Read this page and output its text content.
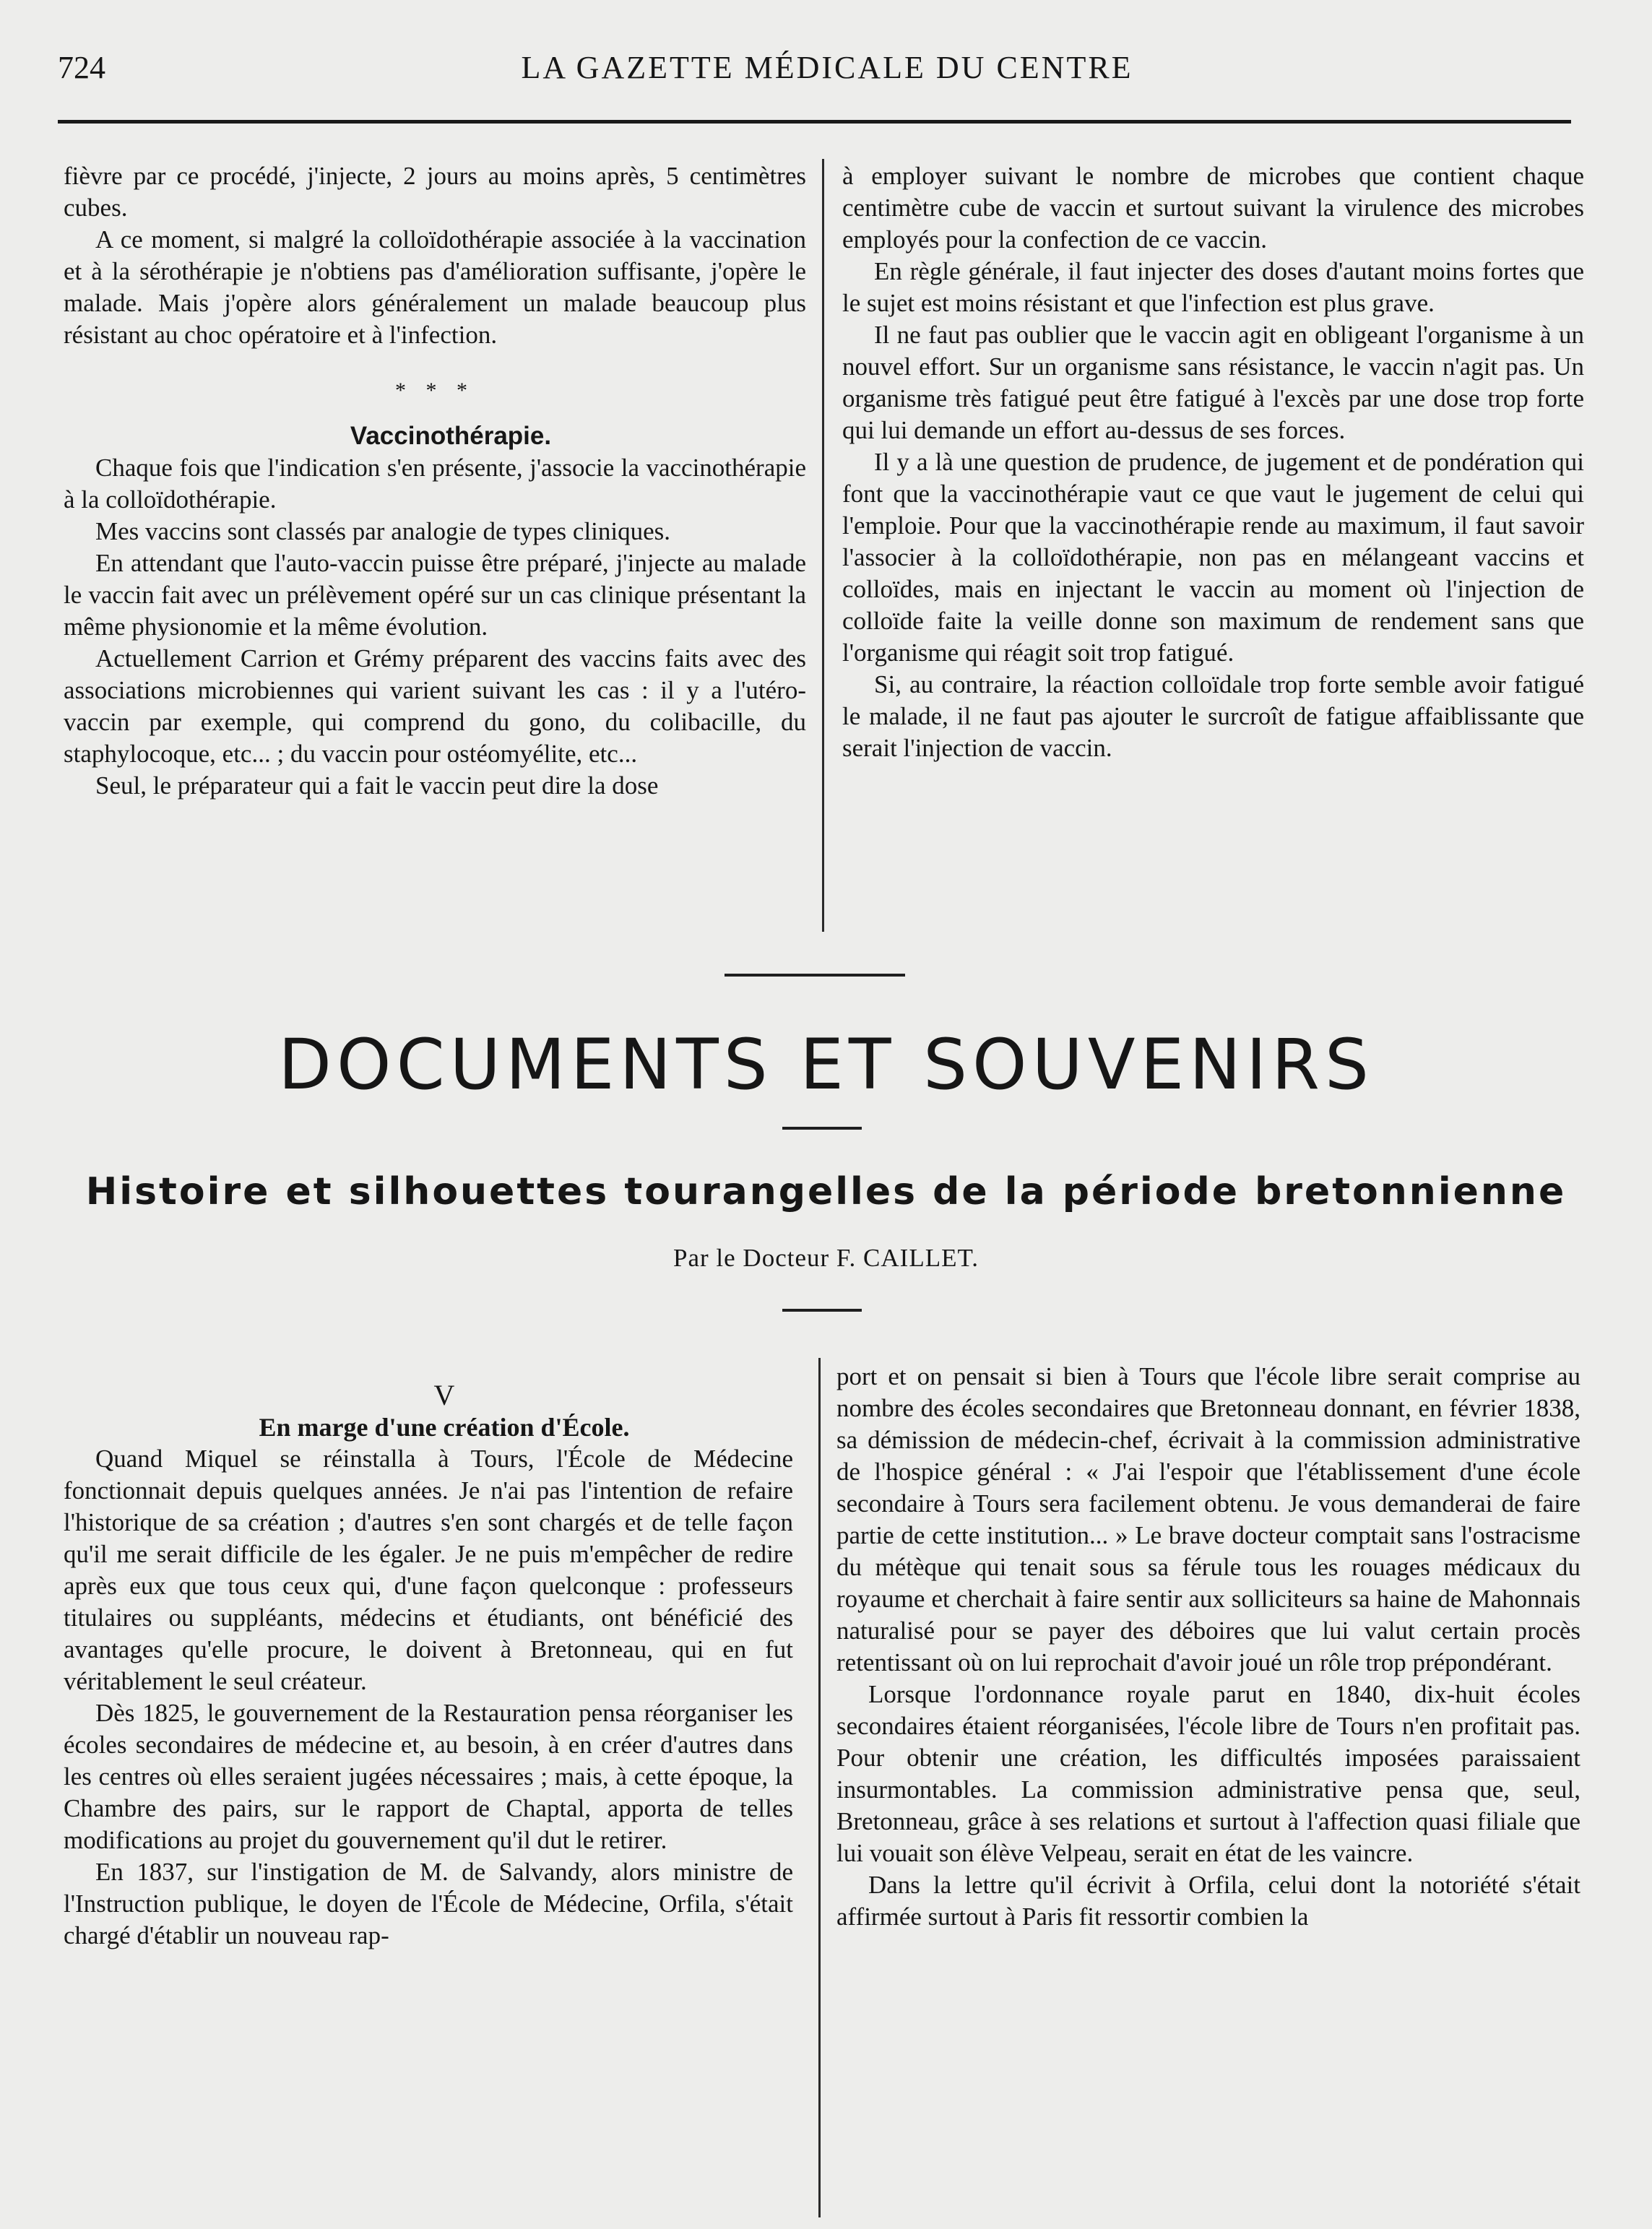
724	LA GAZETTE MÉDICALE DU CENTRE

fièvre par ce procédé, j'injecte, 2 jours au moins après, 5 centimètres cubes.

A ce moment, si malgré la colloïdothérapie associée à la vaccination et à la sérothérapie je n'obtiens pas d'amélioration suffisante, j'opère le malade. Mais j'opère alors généralement un malade beaucoup plus résistant au choc opératoire et à l'infection.

* * *

Vaccinothérapie.

Chaque fois que l'indication s'en présente, j'associe la vaccinothérapie à la colloïdothérapie.

Mes vaccins sont classés par analogie de types cliniques.

En attendant que l'auto-vaccin puisse être préparé, j'injecte au malade le vaccin fait avec un prélèvement opéré sur un cas clinique présentant la même physionomie et la même évolution.

Actuellement Carrion et Grémy préparent des vaccins faits avec des associations microbiennes qui varient suivant les cas : il y a l'utéro-vaccin par exemple, qui comprend du gono, du colibacille, du staphylocoque, etc... ; du vaccin pour ostéomyélite, etc...

Seul, le préparateur qui a fait le vaccin peut dire la dose

à employer suivant le nombre de microbes que contient chaque centimètre cube de vaccin et surtout suivant la virulence des microbes employés pour la confection de ce vaccin.

En règle générale, il faut injecter des doses d'autant moins fortes que le sujet est moins résistant et que l'infection est plus grave.

Il ne faut pas oublier que le vaccin agit en obligeant l'organisme à un nouvel effort. Sur un organisme sans résistance, le vaccin n'agit pas. Un organisme très fatigué peut être fatigué à l'excès par une dose trop forte qui lui demande un effort au-dessus de ses forces.

Il y a là une question de prudence, de jugement et de pondération qui font que la vaccinothérapie vaut ce que vaut le jugement de celui qui l'emploie. Pour que la vaccinothérapie rende au maximum, il faut savoir l'associer à la colloïdothérapie, non pas en mélangeant vaccins et colloïdes, mais en injectant le vaccin au moment où l'injection de colloïde faite la veille donne son maximum de rendement sans que l'organisme qui réagit soit trop fatigué.

Si, au contraire, la réaction colloïdale trop forte semble avoir fatigué le malade, il ne faut pas ajouter le surcroît de fatigue affaiblissante que serait l'injection de vaccin.

DOCUMENTS ET SOUVENIRS
Histoire et silhouettes tourangelles de la période bretonnienne
Par le Docteur F. CAILLET.

V

En marge d'une création d'École.

Quand Miquel se réinstalla à Tours, l'École de Médecine fonctionnait depuis quelques années. Je n'ai pas l'intention de refaire l'historique de sa création ; d'autres s'en sont chargés et de telle façon qu'il me serait difficile de les égaler. Je ne puis m'empêcher de redire après eux que tous ceux qui, d'une façon quelconque : professeurs titulaires ou suppléants, médecins et étudiants, ont bénéficié des avantages qu'elle procure, le doivent à Bretonneau, qui en fut véritablement le seul créateur.

Dès 1825, le gouvernement de la Restauration pensa réorganiser les écoles secondaires de médecine et, au besoin, à en créer d'autres dans les centres où elles seraient jugées nécessaires ; mais, à cette époque, la Chambre des pairs, sur le rapport de Chaptal, apporta de telles modifications au projet du gouvernement qu'il dut le retirer.

En 1837, sur l'instigation de M. de Salvandy, alors ministre de l'Instruction publique, le doyen de l'École de Médecine, Orfila, s'était chargé d'établir un nouveau rap-

port et on pensait si bien à Tours que l'école libre serait comprise au nombre des écoles secondaires que Bretonneau donnant, en février 1838, sa démission de médecin-chef, écrivait à la commission administrative de l'hospice général : « J'ai l'espoir que l'établissement d'une école secondaire à Tours sera facilement obtenu. Je vous demanderai de faire partie de cette institution... » Le brave docteur comptait sans l'ostracisme du métèque qui tenait sous sa férule tous les rouages médicaux du royaume et cherchait à faire sentir aux solliciteurs sa haine de Mahonnais naturalisé pour se payer des déboires que lui valut certain procès retentissant où on lui reprochait d'avoir joué un rôle trop prépondérant.

Lorsque l'ordonnance royale parut en 1840, dix-huit écoles secondaires étaient réorganisées, l'école libre de Tours n'en profitait pas. Pour obtenir une création, les difficultés imposées paraissaient insurmontables. La commission administrative pensa que, seul, Bretonneau, grâce à ses relations et surtout à l'affection quasi filiale que lui vouait son élève Velpeau, serait en état de les vaincre.

Dans la lettre qu'il écrivit à Orfila, celui dont la notoriété s'était affirmée surtout à Paris fit ressortir combien la
